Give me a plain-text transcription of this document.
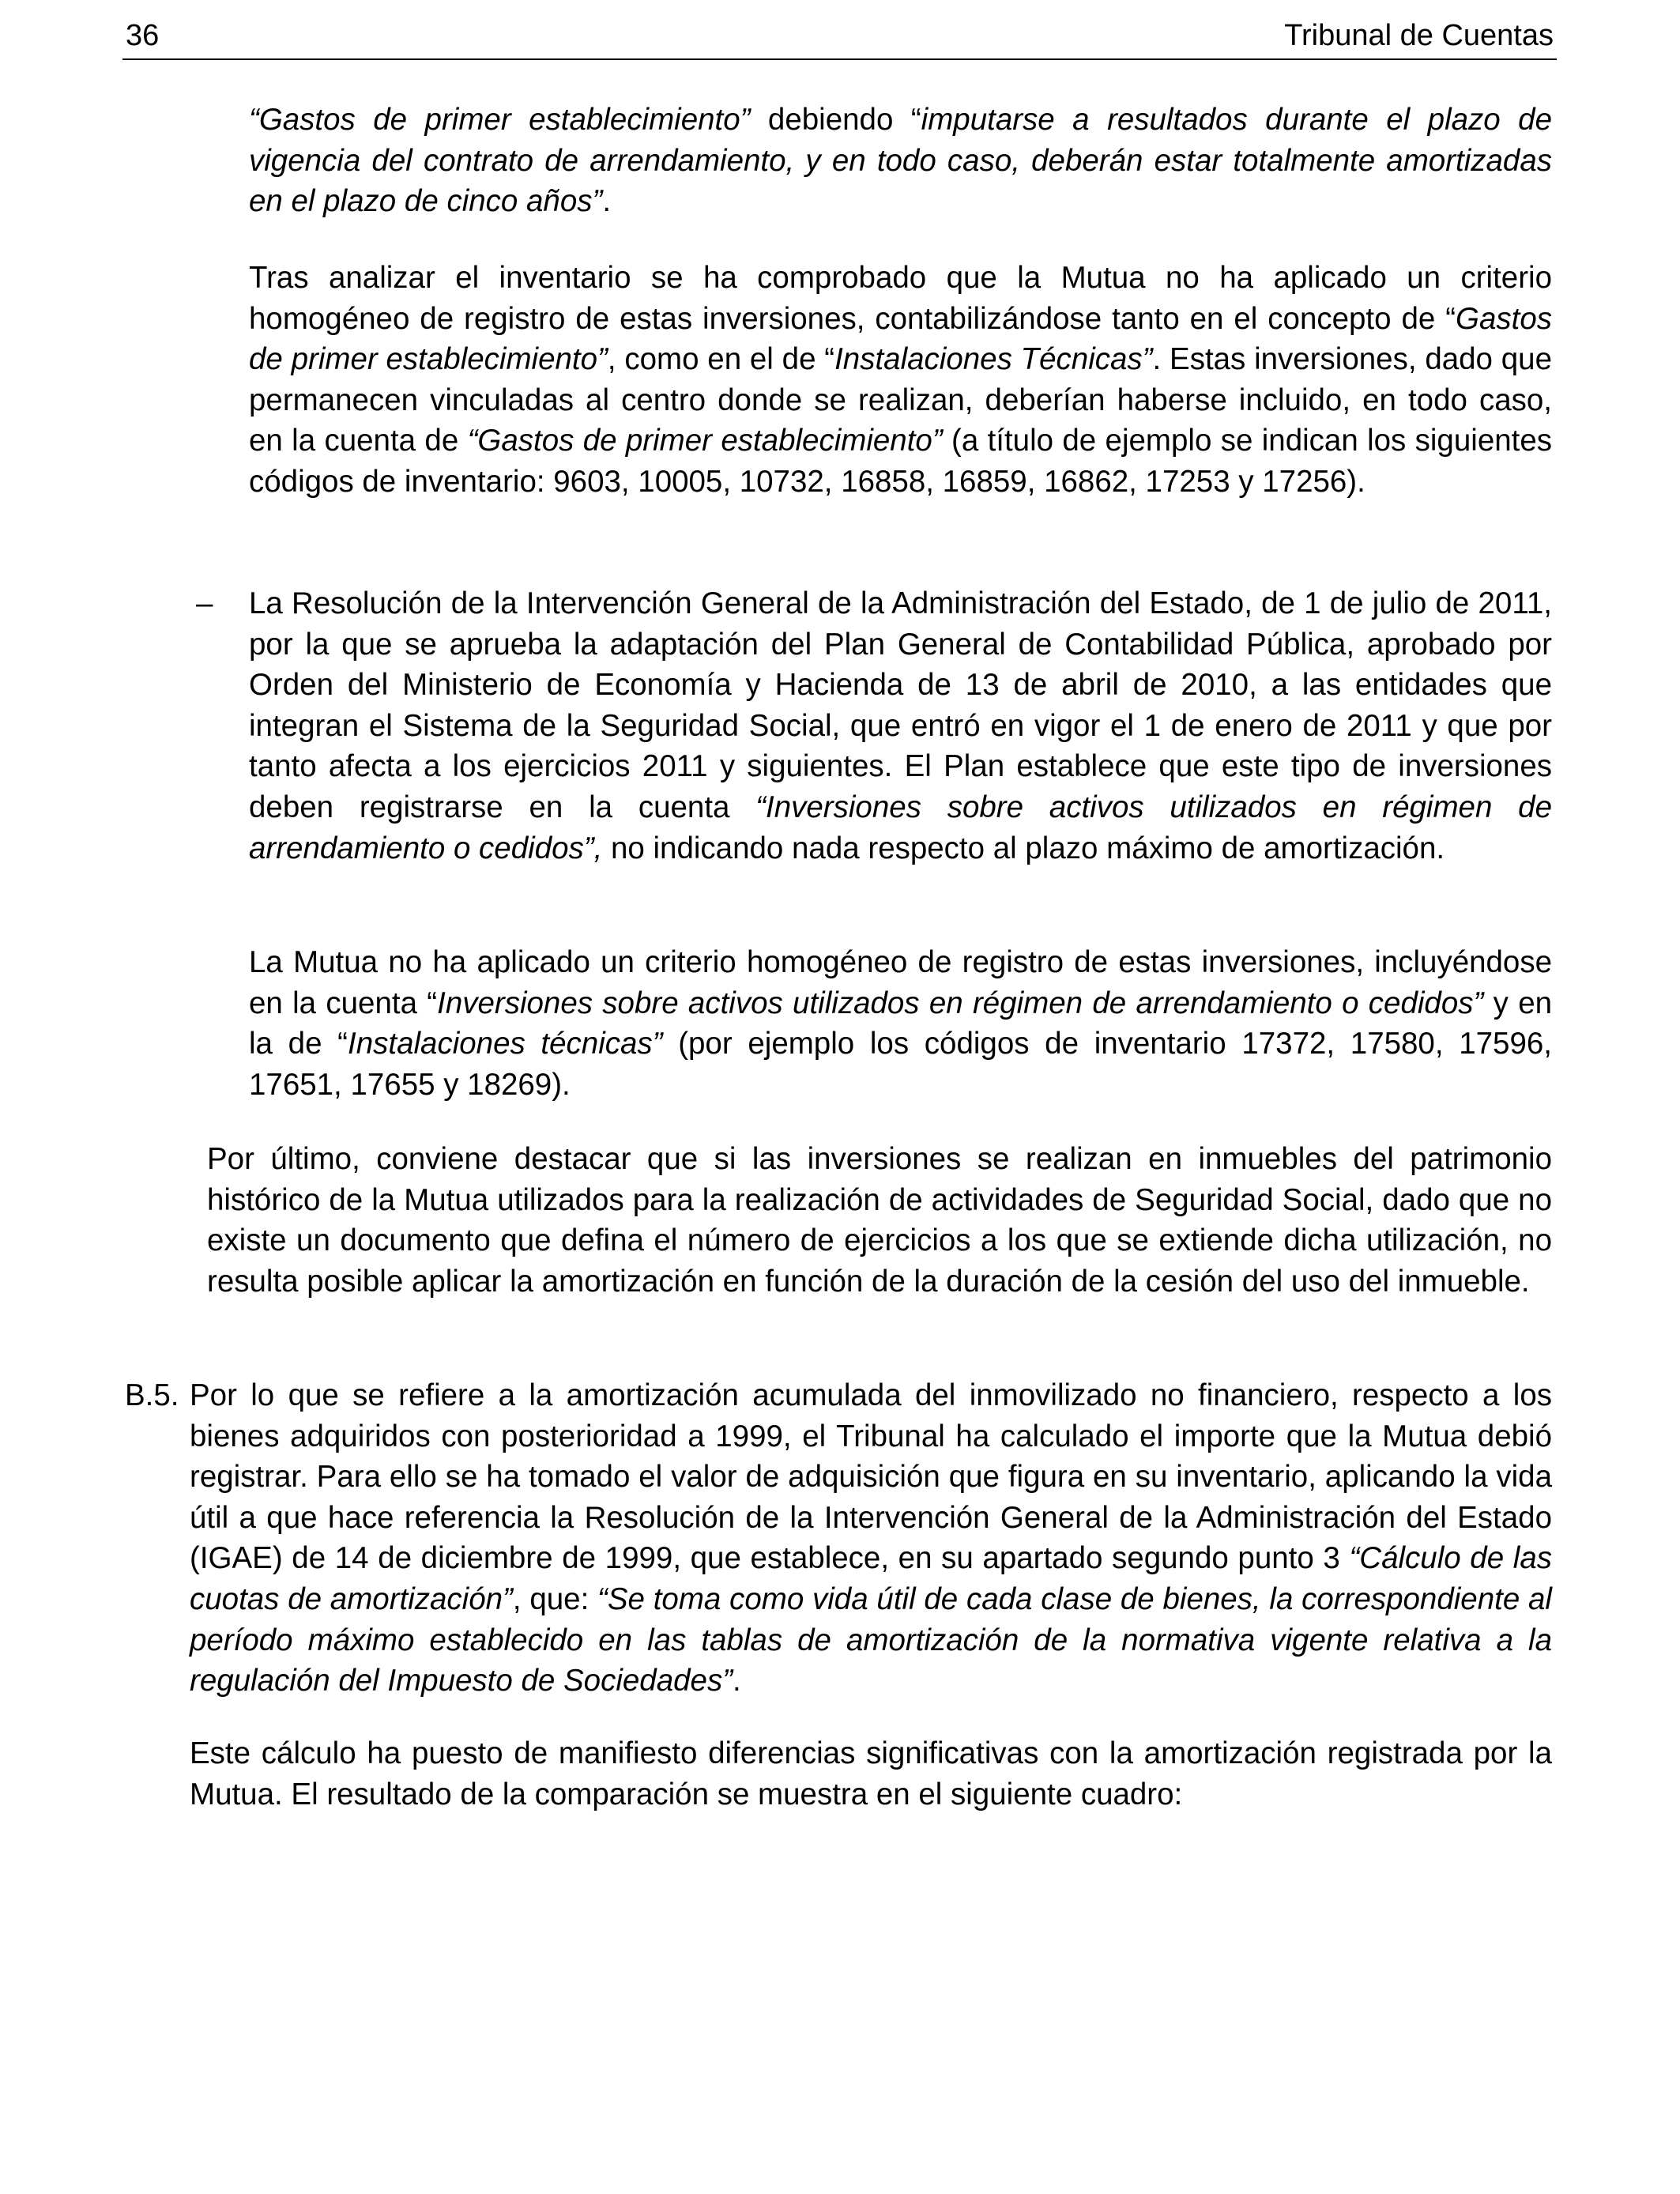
36	Tribunal de Cuentas

“Gastos de primer establecimiento” debiendo “imputarse a resultados durante el plazo de vigencia del contrato de arrendamiento, y en todo caso, deberán estar totalmente amortizadas en el plazo de cinco años”.

Tras analizar el inventario se ha comprobado que la Mutua no ha aplicado un criterio homogéneo de registro de estas inversiones, contabilizándose tanto en el concepto de “Gastos de primer establecimiento”, como en el de “Instalaciones Técnicas”. Estas inversiones, dado que permanecen vinculadas al centro donde se realizan, deberían haberse incluido, en todo caso, en la cuenta de “Gastos de primer establecimiento” (a título de ejemplo se indican los siguientes códigos de inventario: 9603, 10005, 10732, 16858, 16859, 16862, 17253 y 17256).

– La Resolución de la Intervención General de la Administración del Estado, de 1 de julio de 2011, por la que se aprueba la adaptación del Plan General de Contabilidad Pública, aprobado por Orden del Ministerio de Economía y Hacienda de 13 de abril de 2010, a las entidades que integran el Sistema de la Seguridad Social, que entró en vigor el 1 de enero de 2011 y que por tanto afecta a los ejercicios 2011 y siguientes. El Plan establece que este tipo de inversiones deben registrarse en la cuenta “Inversiones sobre activos utilizados en régimen de arrendamiento o cedidos”, no indicando nada respecto al plazo máximo de amortización.

La Mutua no ha aplicado un criterio homogéneo de registro de estas inversiones, incluyéndose en la cuenta “Inversiones sobre activos utilizados en régimen de arrendamiento o cedidos” y en la de “Instalaciones técnicas” (por ejemplo los códigos de inventario 17372, 17580, 17596, 17651, 17655 y 18269).

Por último, conviene destacar que si las inversiones se realizan en inmuebles del patrimonio histórico de la Mutua utilizados para la realización de actividades de Seguridad Social, dado que no existe un documento que defina el número de ejercicios a los que se extiende dicha utilización, no resulta posible aplicar la amortización en función de la duración de la cesión del uso del inmueble.

B.5. Por lo que se refiere a la amortización acumulada del inmovilizado no financiero, respecto a los bienes adquiridos con posterioridad a 1999, el Tribunal ha calculado el importe que la Mutua debió registrar. Para ello se ha tomado el valor de adquisición que figura en su inventario, aplicando la vida útil a que hace referencia la Resolución de la Intervención General de la Administración del Estado (IGAE) de 14 de diciembre de 1999, que establece, en su apartado segundo punto 3 “Cálculo de las cuotas de amortización”, que: “Se toma como vida útil de cada clase de bienes, la correspondiente al período máximo establecido en las tablas de amortización de la normativa vigente relativa a la regulación del Impuesto de Sociedades”.

Este cálculo ha puesto de manifiesto diferencias significativas con la amortización registrada por la Mutua. El resultado de la comparación se muestra en el siguiente cuadro:
